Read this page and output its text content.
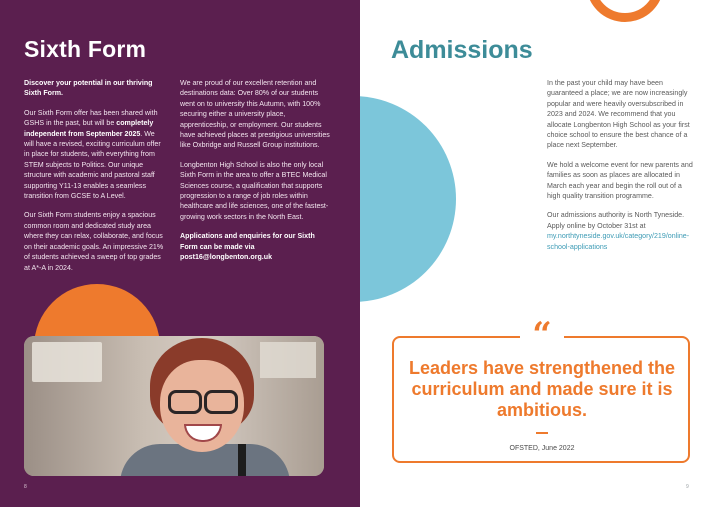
Sixth Form

Discover your potential in our thriving Sixth Form.

Our Sixth Form offer has been shared with GSHS in the past, but will be completely independent from September 2025. We will have a revised, exciting curriculum offer in place for students, with everything from STEM subjects to Politics. Our unique structure with academic and pastoral staff supporting Y11-13 enables a seamless transition from GCSE to A Level.

Our Sixth Form students enjoy a spacious common room and dedicated study area where they can relax, collaborate, and focus on their academic goals. An impressive 21% of students achieved a sweep of top grades at A*-A in 2024.

We are proud of our excellent retention and destinations data: Over 80% of our students went on to university this Autumn, with 100% securing either a university place, apprenticeship, or employment. Our students have achieved places at prestigious universities like Oxbridge and Russell Group institutions.

Longbenton High School is also the only local Sixth Form in the area to offer a BTEC Medical Sciences course, a qualification that supports progression to a range of job roles within healthcare and life sciences, one of the fastest-growing work sectors in the North East.

Applications and enquiries for our Sixth Form can be made via post16@longbenton.org.uk

8
Admissions

In the past your child may have been guaranteed a place; we are now increasingly popular and were heavily oversubscribed in 2023 and 2024. We recommend that you allocate Longbenton High School as your first choice school to ensure the best chance of a place next September.

We hold a welcome event for new parents and families as soon as places are allocated in March each year and begin the roll out of a high quality transition programme.

Our admissions authority is North Tyneside. Apply online by October 31st at my.northtyneside.gov.uk/category/219/online-school-applications

“

Leaders have strengthened the curriculum and made sure it is ambitious.

OFSTED, June 2022
9
